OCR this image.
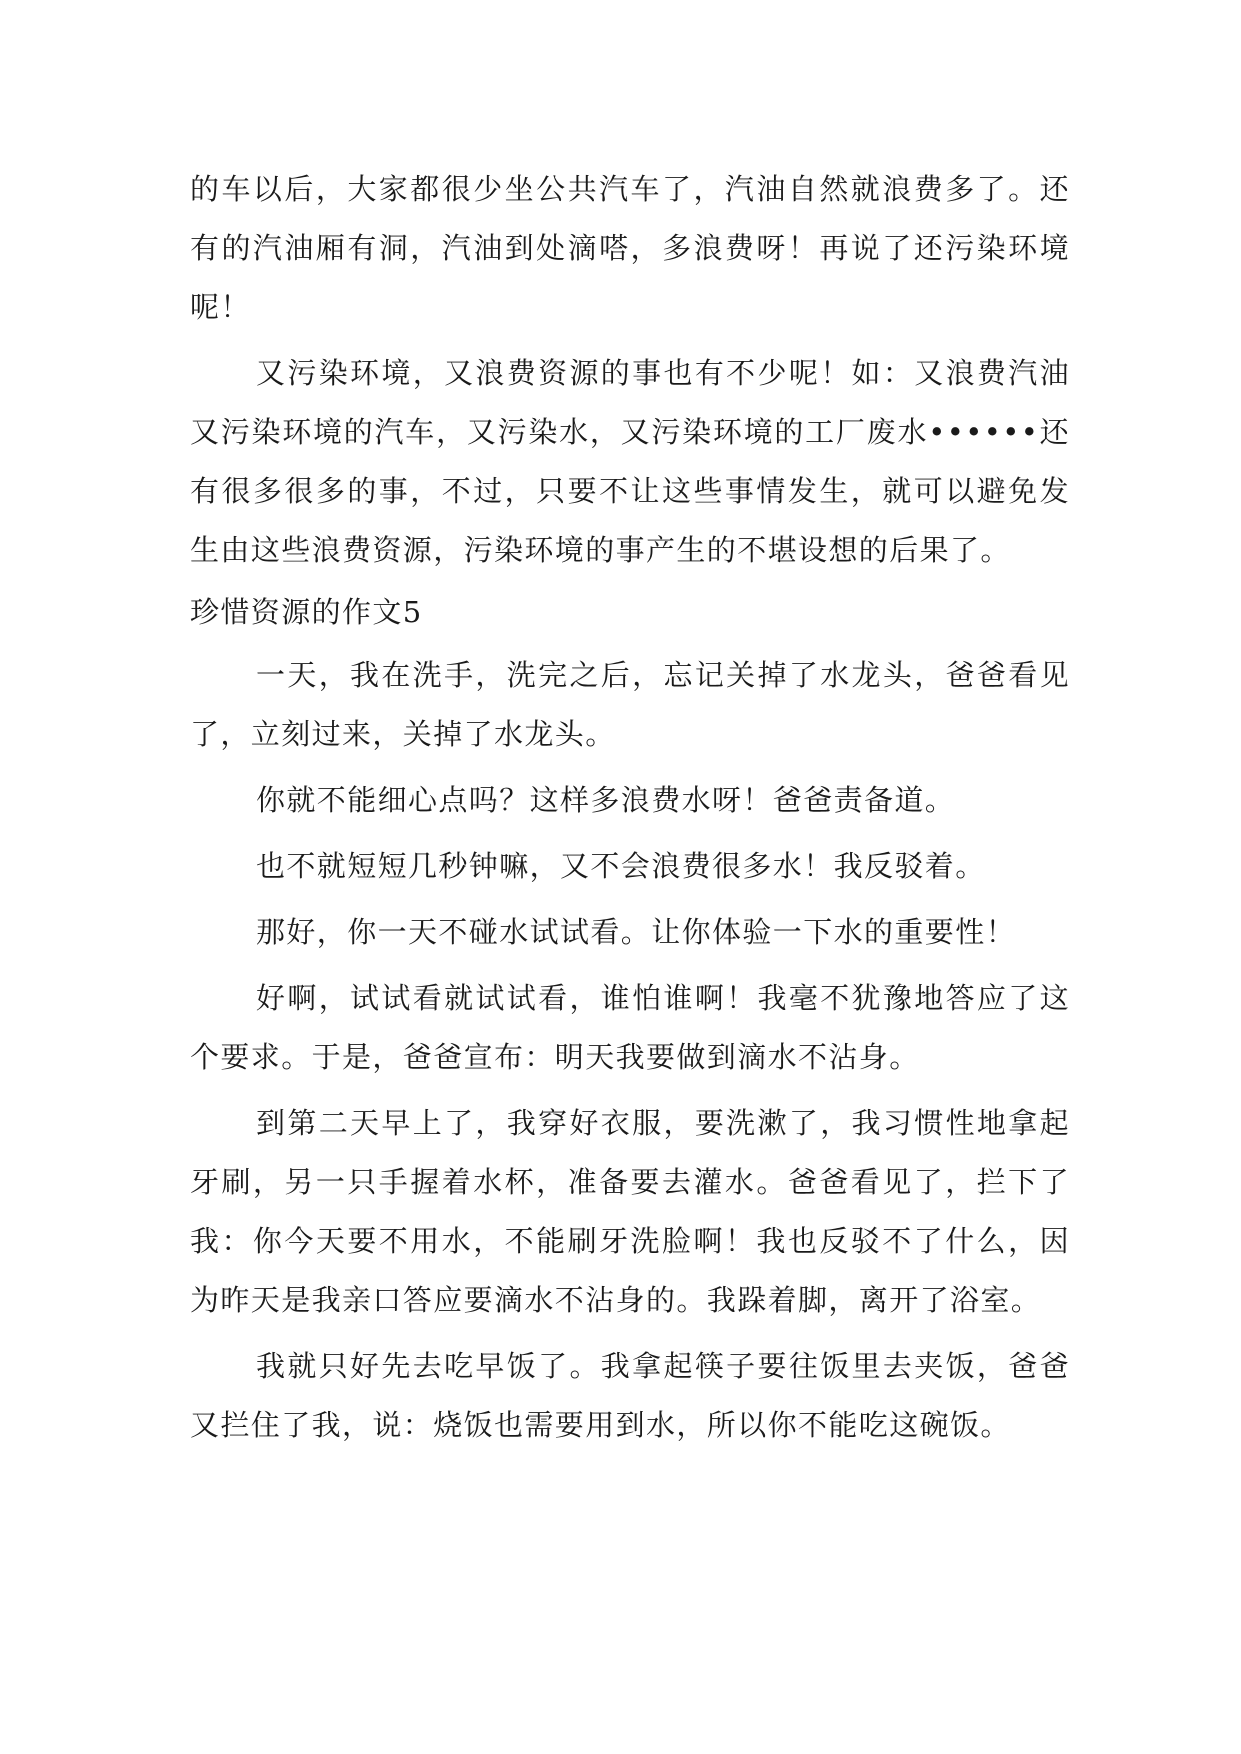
的车以后，大家都很少坐公共汽车了，汽油自然就浪费多了。还有的汽油厢有洞，汽油到处滴嗒，多浪费呀！再说了还污染环境呢！

又污染环境，又浪费资源的事也有不少呢！如：又浪费汽油又污染环境的汽车，又污染水，又污染环境的工厂废水••••••还有很多很多的事，不过，只要不让这些事情发生，就可以避免发生由这些浪费资源，污染环境的事产生的不堪设想的后果了。

珍惜资源的作文5

一天，我在洗手，洗完之后，忘记关掉了水龙头，爸爸看见了，立刻过来，关掉了水龙头。

你就不能细心点吗？这样多浪费水呀！爸爸责备道。

也不就短短几秒钟嘛，又不会浪费很多水！我反驳着。

那好，你一天不碰水试试看。让你体验一下水的重要性！

好啊，试试看就试试看，谁怕谁啊！我毫不犹豫地答应了这个要求。于是，爸爸宣布：明天我要做到滴水不沾身。

到第二天早上了，我穿好衣服，要洗漱了，我习惯性地拿起牙刷，另一只手握着水杯，准备要去灌水。爸爸看见了，拦下了我：你今天要不用水，不能刷牙洗脸啊！我也反驳不了什么，因为昨天是我亲口答应要滴水不沾身的。我跺着脚，离开了浴室。

我就只好先去吃早饭了。我拿起筷子要往饭里去夹饭，爸爸又拦住了我，说：烧饭也需要用到水，所以你不能吃这碗饭。
